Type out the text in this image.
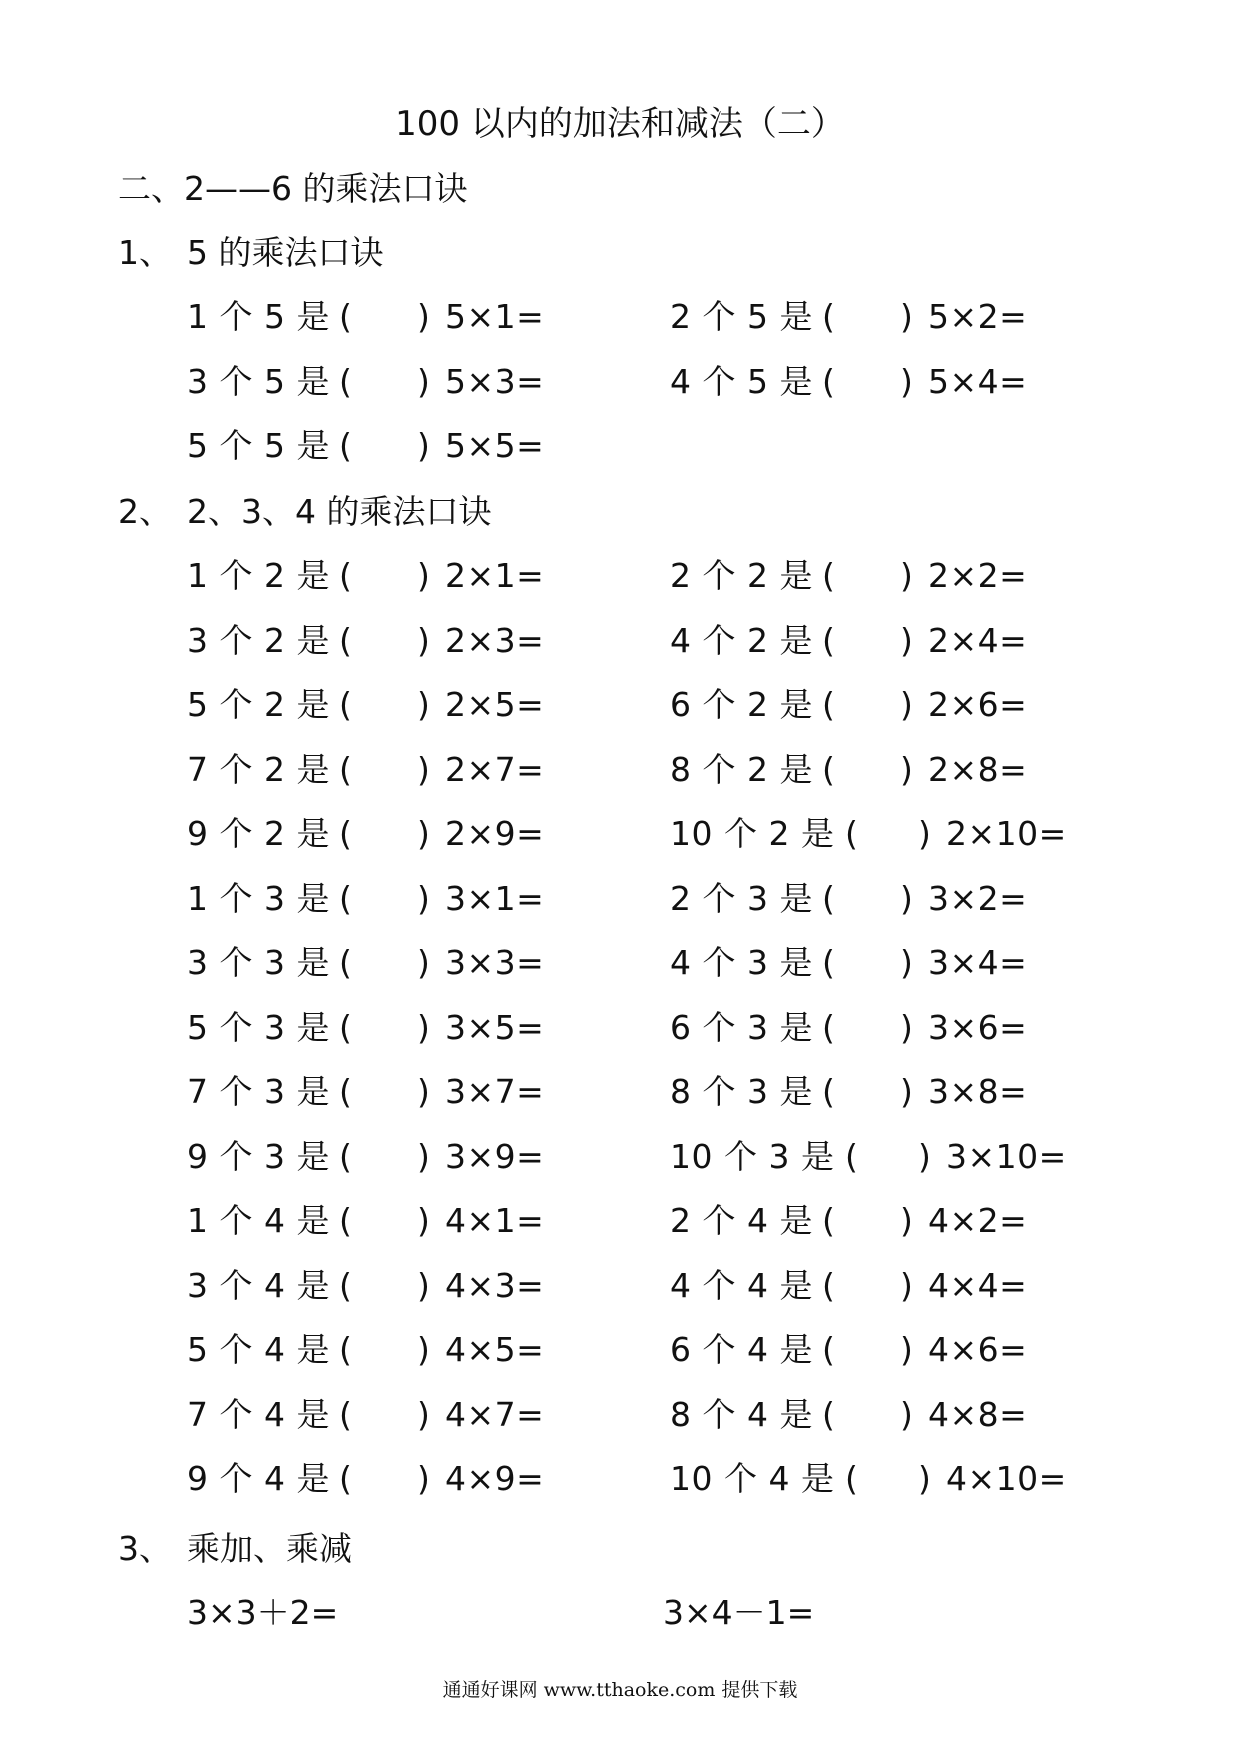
100 以内的加法和减法（二）
二、2——6 的乘法口诀
1、 5 的乘法口诀
1 个 5 是 ( ) 5×1=	2 个 5 是 ( ) 5×2=
3 个 5 是 ( ) 5×3=	4 个 5 是 ( ) 5×4=
5 个 5 是 ( ) 5×5=
2、 2、3、4 的乘法口诀
1 个 2 是 ( ) 2×1=	2 个 2 是 ( ) 2×2=
3 个 2 是 ( ) 2×3=	4 个 2 是 ( ) 2×4=
5 个 2 是 ( ) 2×5=	6 个 2 是 ( ) 2×6=
7 个 2 是 ( ) 2×7=	8 个 2 是 ( ) 2×8=
9 个 2 是 ( ) 2×9=	10 个 2 是 ( ) 2×10=
1 个 3 是 ( ) 3×1=	2 个 3 是 ( ) 3×2=
3 个 3 是 ( ) 3×3=	4 个 3 是 ( ) 3×4=
5 个 3 是 ( ) 3×5=	6 个 3 是 ( ) 3×6=
7 个 3 是 ( ) 3×7=	8 个 3 是 ( ) 3×8=
9 个 3 是 ( ) 3×9=	10 个 3 是 ( ) 3×10=
1 个 4 是 ( ) 4×1=	2 个 4 是 ( ) 4×2=
3 个 4 是 ( ) 4×3=	4 个 4 是 ( ) 4×4=
5 个 4 是 ( ) 4×5=	6 个 4 是 ( ) 4×6=
7 个 4 是 ( ) 4×7=	8 个 4 是 ( ) 4×8=
9 个 4 是 ( ) 4×9=	10 个 4 是 ( ) 4×10=
3、 乘加、乘减
3×3＋2=	3×4－1=
通通好课网 www.tthaoke.com 提供下载
